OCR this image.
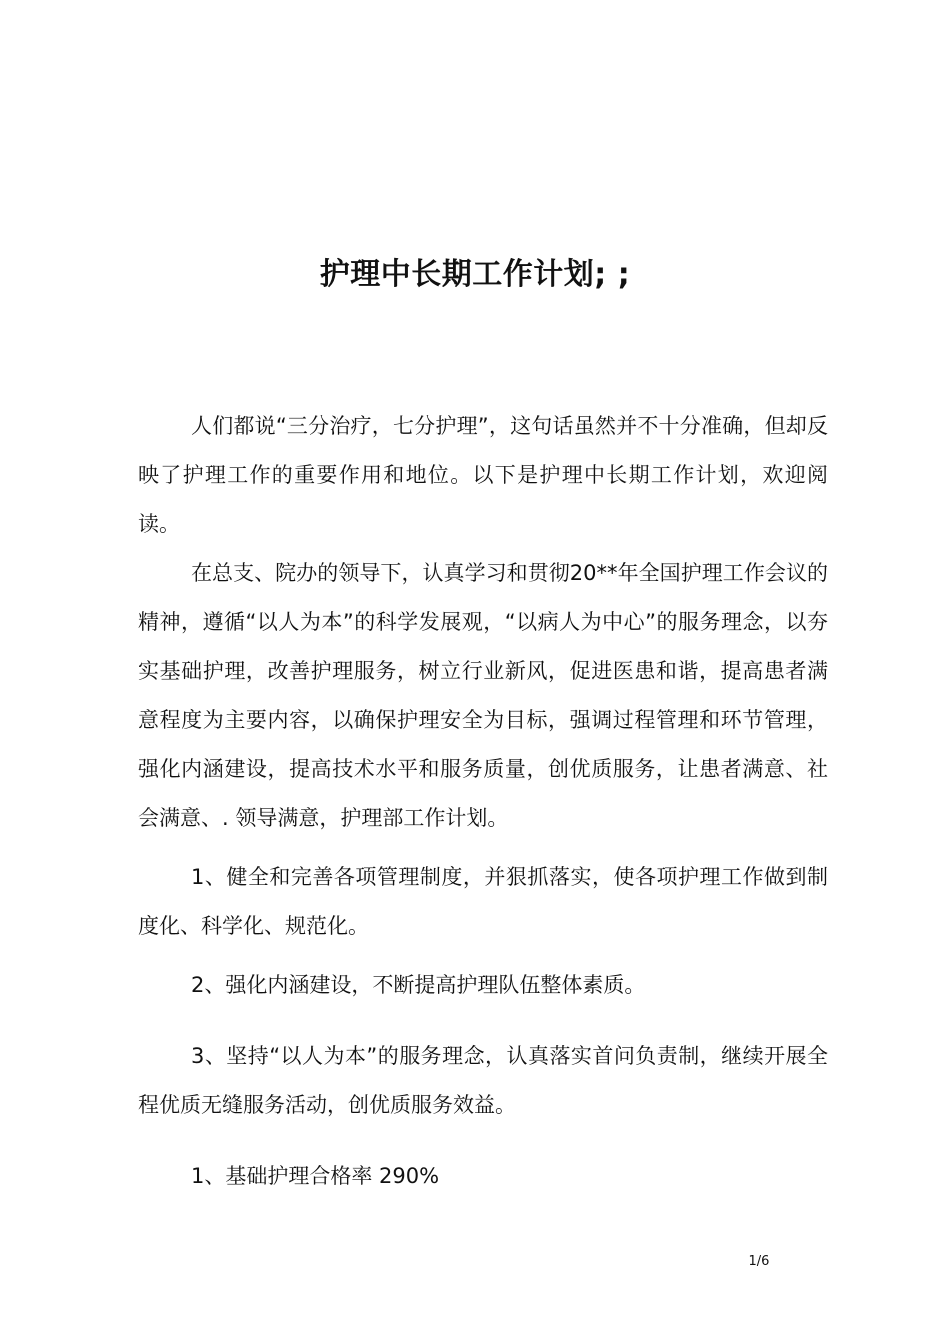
护理中长期工作计划; ;

人们都说“三分治疗，七分护理”，这句话虽然并不十分准确，但却反映了护理工作的重要作用和地位。以下是护理中长期工作计划，欢迎阅读。

在总支、院办的领导下，认真学习和贯彻20**年全国护理工作会议的精神，遵循“以人为本”的科学发展观，“以病人为中心”的服务理念，以夯实基础护理，改善护理服务，树立行业新风，促进医患和谐，提高患者满意程度为主要内容，以确保护理安全为目标，强调过程管理和环节管理，强化内涵建设，提高技术水平和服务质量，创优质服务，让患者满意、社会满意、. 领导满意，护理部工作计划。

1、健全和完善各项管理制度，并狠抓落实，使各项护理工作做到制度化、科学化、规范化。

2、强化内涵建设，不断提高护理队伍整体素质。

3、坚持“以人为本”的服务理念，认真落实首问负责制，继续开展全程优质无缝服务活动，创优质服务效益。

1、基础护理合格率 290%

1/6
